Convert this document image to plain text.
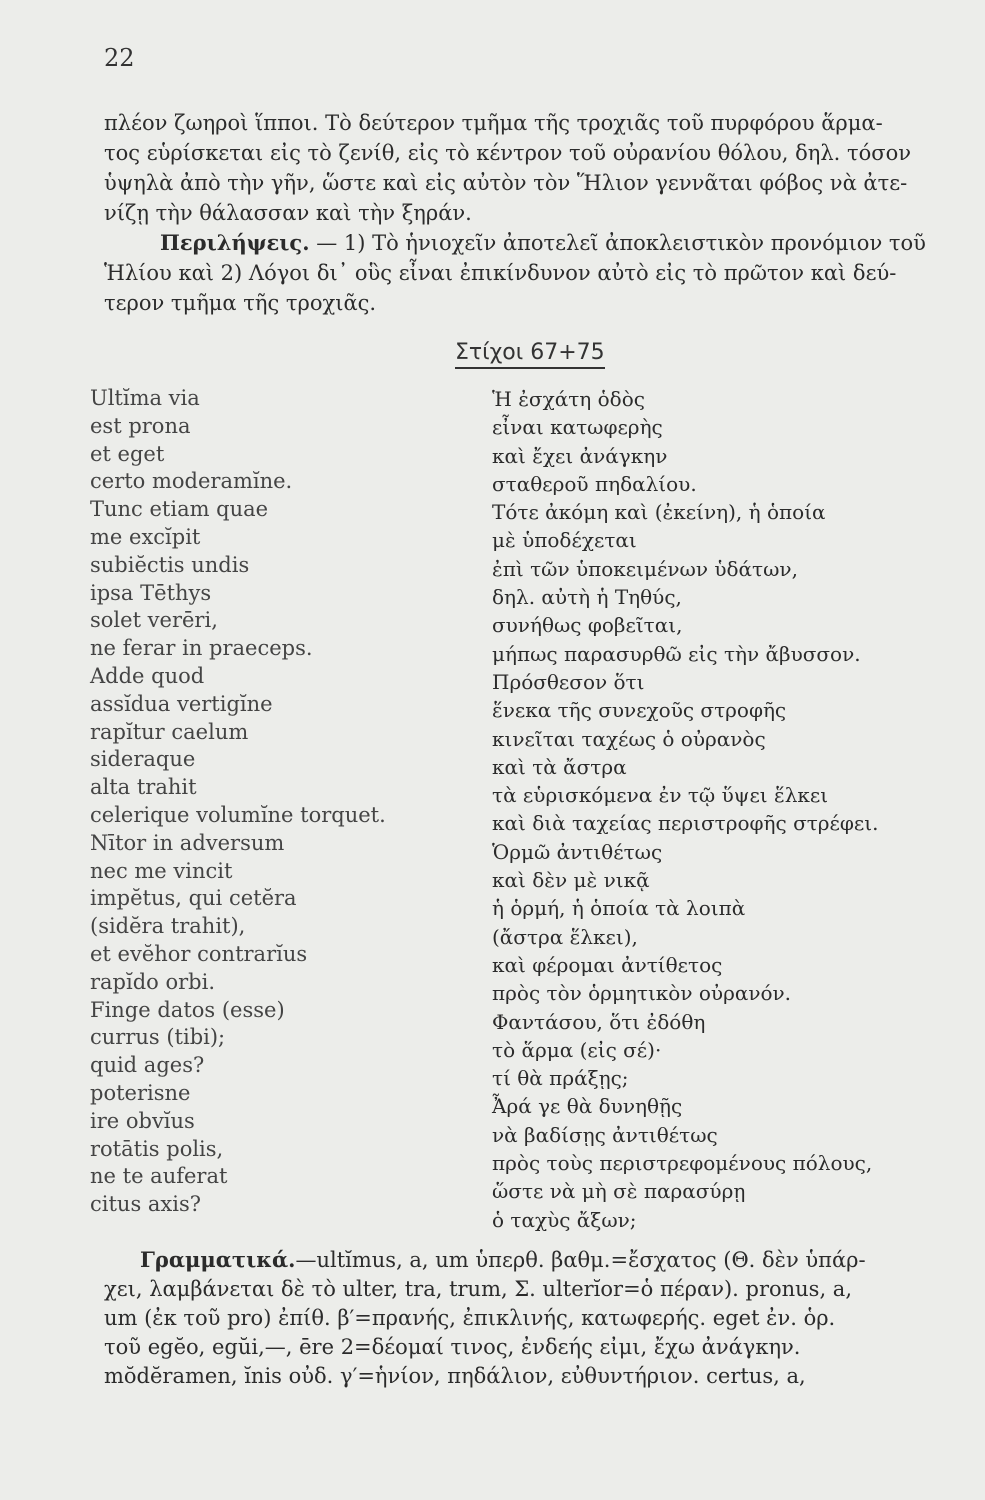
22
πλέον ζωηροὶ ἵπποι. Τὸ δεύτερον τμῆμα τῆς τροχιᾶς τοῦ πυρφόρου ἅρμα-
τος εὑρίσκεται εἰς τὸ ζενίθ, εἰς τὸ κέντρον τοῦ οὐρανίου θόλου, δηλ. τόσον
ὑψηλὰ ἀπὸ τὴν γῆν, ὥστε καὶ εἰς αὐτὸν τὸν Ἥλιον γεννᾶται φόβος νὰ ἀτε-
νίζῃ τὴν θάλασσαν καὶ τὴν ξηράν.
Περιλήψεις. — 1) Τὸ ἡνιοχεῖν ἀποτελεῖ ἀποκλειστικὸν προνόμιον τοῦ
Ἡλίου καὶ 2) Λόγοι δι᾽ οὓς εἶναι ἐπικίνδυνον αὐτὸ εἰς τὸ πρῶτον καὶ δεύ-
τερον τμῆμα τῆς τροχιᾶς.
Στίχοι 67+75
Ultĭma via
est prona
et eget
certo moderamĭne.
Tunc etiam quae
me excĭpit
subiĕctis undis
ipsa Tēthys
solet verēri,
ne ferar in praeceps.
Adde quod
assĭdua vertigĭne
rapĭtur caelum
sideraque
alta trahit
celerique volumĭne torquet.
Nītor in adversum
nec me vincit
impĕtus, qui cetĕra
(sidĕra trahit),
et evĕhor contrarĭus
rapĭdo orbi.
Finge datos (esse)
currus (tibi);
quid ages?
poterisne
ire obvĭus
rotātis polis,
ne te auferat
citus axis?
Ἡ ἐσχάτη ὁδὸς
εἶναι κατωφερὴς
καὶ ἔχει ἀνάγκην
σταθεροῦ πηδαλίου.
Τότε ἀκόμη καὶ (ἐκείνη), ἡ ὁποία
μὲ ὑποδέχεται
ἐπὶ τῶν ὑποκειμένων ὑδάτων,
δηλ. αὐτὴ ἡ Τηθύς,
συνήθως φοβεῖται,
μήπως παρασυρθῶ εἰς τὴν ἄβυσσον.
Πρόσθεσον ὅτι
ἕνεκα τῆς συνεχοῦς στροφῆς
κινεῖται ταχέως ὁ οὐρανὸς
καὶ τὰ ἄστρα
τὰ εὑρισκόμενα ἐν τῷ ὕψει ἕλκει
καὶ διὰ ταχείας περιστροφῆς στρέφει.
Ὁρμῶ ἀντιθέτως
καὶ δὲν μὲ νικᾷ
ἡ ὁρμή, ἡ ὁποία τὰ λοιπὰ
(ἄστρα ἕλκει),
καὶ φέρομαι ἀντίθετος
πρὸς τὸν ὁρμητικὸν οὐρανόν.
Φαντάσου, ὅτι ἐδόθη
τὸ ἅρμα (εἰς σέ)·
τί θὰ πράξῃς;
Ἆρά γε θὰ δυνηθῇς
νὰ βαδίσῃς ἀντιθέτως
πρὸς τοὺς περιστρεφομένους πόλους,
ὥστε νὰ μὴ σὲ παρασύρῃ
ὁ ταχὺς ἄξων;
Γραμματικά.—ultĭmus, a, um ὑπερθ. βαθμ.=ἔσχατος (Θ. δὲν ὑπάρ-
χει, λαμβάνεται δὲ τὸ ulter, tra, trum, Σ. ulterĭor=ὁ πέραν). pronus, a,
um (ἐκ τοῦ pro) ἐπίθ. β′=πρανής, ἐπικλινής, κατωφερής. eget ἐν. ὁρ.
τοῦ egĕo, egŭi,—, ēre 2=δέομαί τινος, ἐνδεής εἰμι, ἔχω ἀνάγκην.
mŏdĕramen, ĭnis οὐδ. γ′=ἡνίον, πηδάλιον, εὐθυντήριον. certus, a,
